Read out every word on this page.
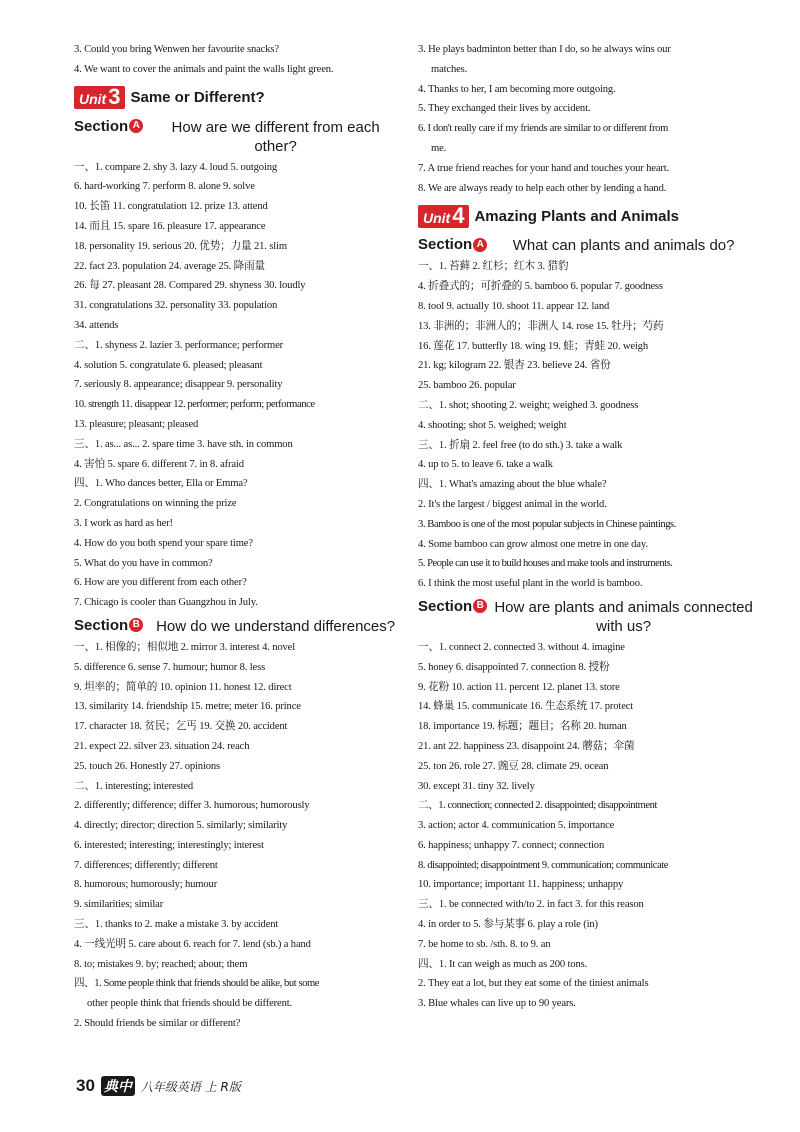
3. Could you bring Wenwen her favourite snacks?
4. We want to cover the animals and paint the walls light green.
Unit 3 Same or Different?
Section A	How are we different from each other?
一、1. compare 2. shy 3. lazy 4. loud 5. outgoing
6. hard-working 7. perform 8. alone 9. solve
10. 长笛 11. congratulation 12. prize 13. attend
14. 而且 15. spare 16. pleasure 17. appearance
18. personality 19. serious 20. 优势；力量 21. slim
22. fact 23. population 24. average 25. 降雨量
26. 每 27. pleasant 28. Compared 29. shyness 30. loudly
31. congratulations 32. personality 33. population
34. attends
二、1. shyness 2. lazier 3. performance; performer
4. solution 5. congratulate 6. pleased; pleasant
7. seriously 8. appearance; disappear 9. personality
10. strength 11. disappear 12. performer; perform; performance
13. pleasure; pleasant; pleased
三、1. as... as... 2. spare time 3. have sth. in common
4. 害怕 5. spare 6. different 7. in 8. afraid
四、1. Who dances better, Ella or Emma?
2. Congratulations on winning the prize
3. I work as hard as her!
4. How do you both spend your spare time?
5. What do you have in common?
6. How are you different from each other?
7. Chicago is cooler than Guangzhou in July.
Section B	How do we understand differences?
一、1. 相像的；相似地 2. mirror 3. interest 4. novel
5. difference 6. sense 7. humour; humor 8. less
9. 坦率的；简单的 10. opinion 11. honest 12. direct
13. similarity 14. friendship 15. metre; meter 16. prince
17. character 18. 贫民；乞丐 19. 交换 20. accident
21. expect 22. silver 23. situation 24. reach
25. touch 26. Honestly 27. opinions
二、1. interesting; interested
2. differently; difference; differ 3. humorous; humorously
4. directly; director; direction 5. similarly; similarity
6. interested; interesting; interestingly; interest
7. differences; differently; different
8. humorous; humorously; humour
9. similarities; similar
三、1. thanks to 2. make a mistake 3. by accident
4. 一线光明 5. care about 6. reach for 7. lend (sb.) a hand
8. to; mistakes 9. by; reached; about; them
四、1. Some people think that friends should be alike, but some
other people think that friends should be different.
2. Should friends be similar or different?
3. He plays badminton better than I do, so he always wins our
matches.
4. Thanks to her, I am becoming more outgoing.
5. They exchanged their lives by accident.
6. I don't really care if my friends are similar to or different from
me.
7. A true friend reaches for your hand and touches your heart.
8. We are always ready to help each other by lending a hand.
Unit 4 Amazing Plants and Animals
Section A	What can plants and animals do?
一、1. 苔藓 2. 红杉；红木 3. 猎豹
4. 折叠式的；可折叠的 5. bamboo 6. popular 7. goodness
8. tool 9. actually 10. shoot 11. appear 12. land
13. 非洲的；非洲人的；非洲人 14. rose 15. 牡丹；芍药
16. 莲花 17. butterfly 18. wing 19. 蛙；青蛙 20. weigh
21. kg; kilogram 22. 银杏 23. believe 24. 省份
25. bamboo 26. popular
二、1. shot; shooting 2. weight; weighed 3. goodness
4. shooting; shot 5. weighed; weight
三、1. 折扇 2. feel free (to do sth.) 3. take a walk
4. up to 5. to leave 6. take a walk
四、1. What's amazing about the blue whale?
2. It's the largest / biggest animal in the world.
3. Bamboo is one of the most popular subjects in Chinese paintings.
4. Some bamboo can grow almost one metre in one day.
5. People can use it to build houses and make tools and instruments.
6. I think the most useful plant in the world is bamboo.
Section B How are plants and animals connected with us?
一、1. connect 2. connected 3. without 4. imagine
5. honey 6. disappointed 7. connection 8. 授粉
9. 花粉 10. action 11. percent 12. planet 13. store
14. 蜂巢 15. communicate 16. 生态系统 17. protect
18. importance 19. 标题；题目；名称 20. human
21. ant 22. happiness 23. disappoint 24. 蘑菇；伞菌
25. ton 26. role 27. 豌豆 28. climate 29. ocean
30. except 31. tiny 32. lively
二、1. connection; connected 2. disappointed; disappointment
3. action; actor 4. communication 5. importance
6. happiness; unhappy 7. connect; connection
8. disappointed; disappointment 9. communication; communicate
10. importance; important 11. happiness; unhappy
三、1. be connected with/to 2. in fact 3. for this reason
4. in order to 5. 参与某事 6. play a role (in)
7. be home to sb. /sth. 8. to 9. an
四、1. It can weigh as much as 200 tons.
2. They eat a lot, but they eat some of the tiniest animals
3. Blue whales can live up to 90 years.
30 典中 八年级英语 上 R版
